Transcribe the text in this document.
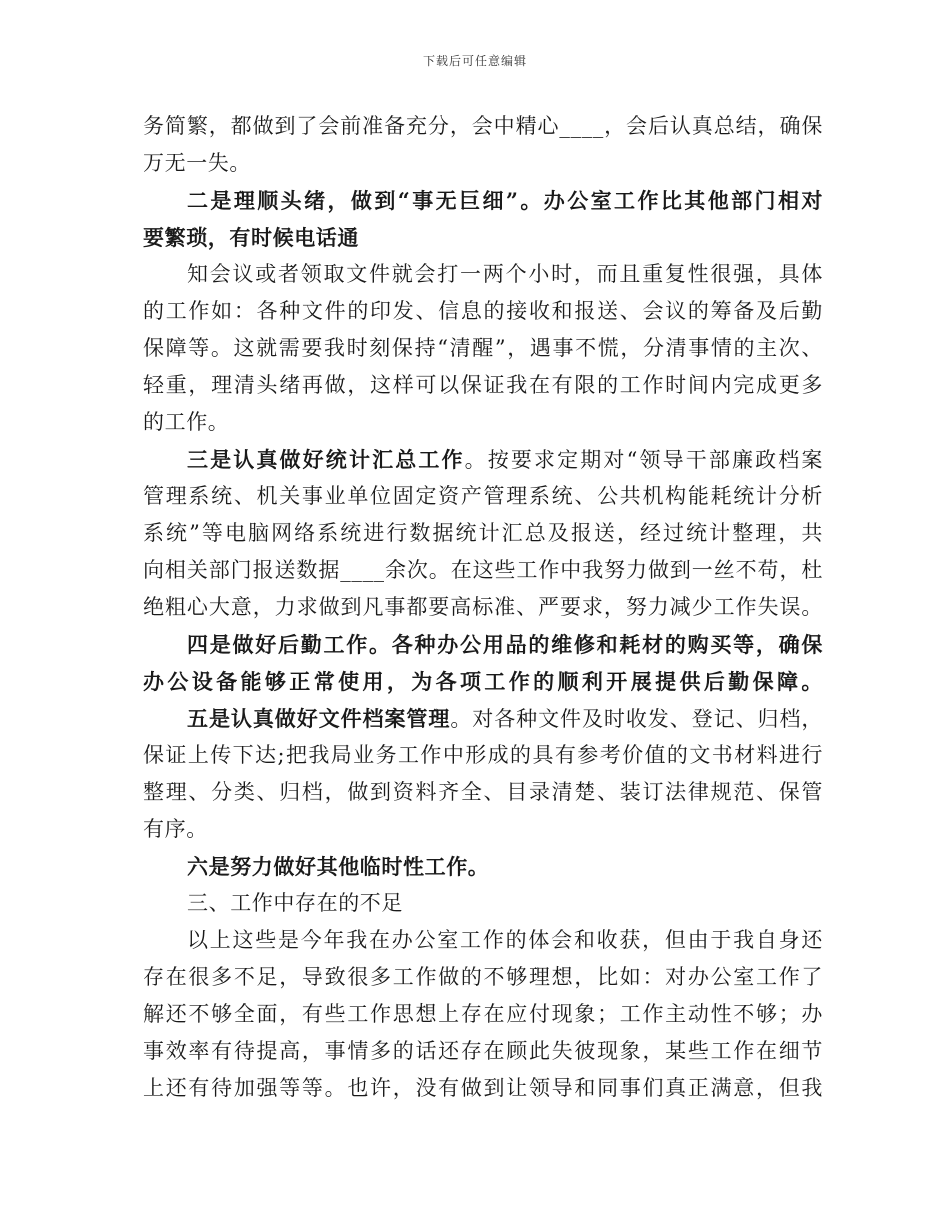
下载后可任意编辑
务简繁，都做到了会前准备充分，会中精心____，会后认真总结，确保
万无一失。
二是理顺头绪，做到“事无巨细”。办公室工作比其他部门相对
要繁琐，有时候电话通
知会议或者领取文件就会打一两个小时，而且重复性很强，具体
的工作如：各种文件的印发、信息的接收和报送、会议的筹备及后勤
保障等。这就需要我时刻保持“清醒”，遇事不慌，分清事情的主次、
轻重，理清头绪再做，这样可以保证我在有限的工作时间内完成更多
的工作。
三是认真做好统计汇总工作。按要求定期对“领导干部廉政档案
管理系统、机关事业单位固定资产管理系统、公共机构能耗统计分析
系统”等电脑网络系统进行数据统计汇总及报送，经过统计整理，共
向相关部门报送数据____余次。在这些工作中我努力做到一丝不苟，杜
绝粗心大意，力求做到凡事都要高标准、严要求，努力减少工作失误。
四是做好后勤工作。各种办公用品的维修和耗材的购买等，确保
办公设备能够正常使用，为各项工作的顺利开展提供后勤保障。
五是认真做好文件档案管理。对各种文件及时收发、登记、归档，
保证上传下达;把我局业务工作中形成的具有参考价值的文书材料进行
整理、分类、归档，做到资料齐全、目录清楚、装订法律规范、保管
有序。
六是努力做好其他临时性工作。
三、工作中存在的不足
以上这些是今年我在办公室工作的体会和收获，但由于我自身还
存在很多不足，导致很多工作做的不够理想，比如：对办公室工作了
解还不够全面，有些工作思想上存在应付现象；工作主动性不够；办
事效率有待提高，事情多的话还存在顾此失彼现象，某些工作在细节
上还有待加强等等。也许，没有做到让领导和同事们真正满意，但我
